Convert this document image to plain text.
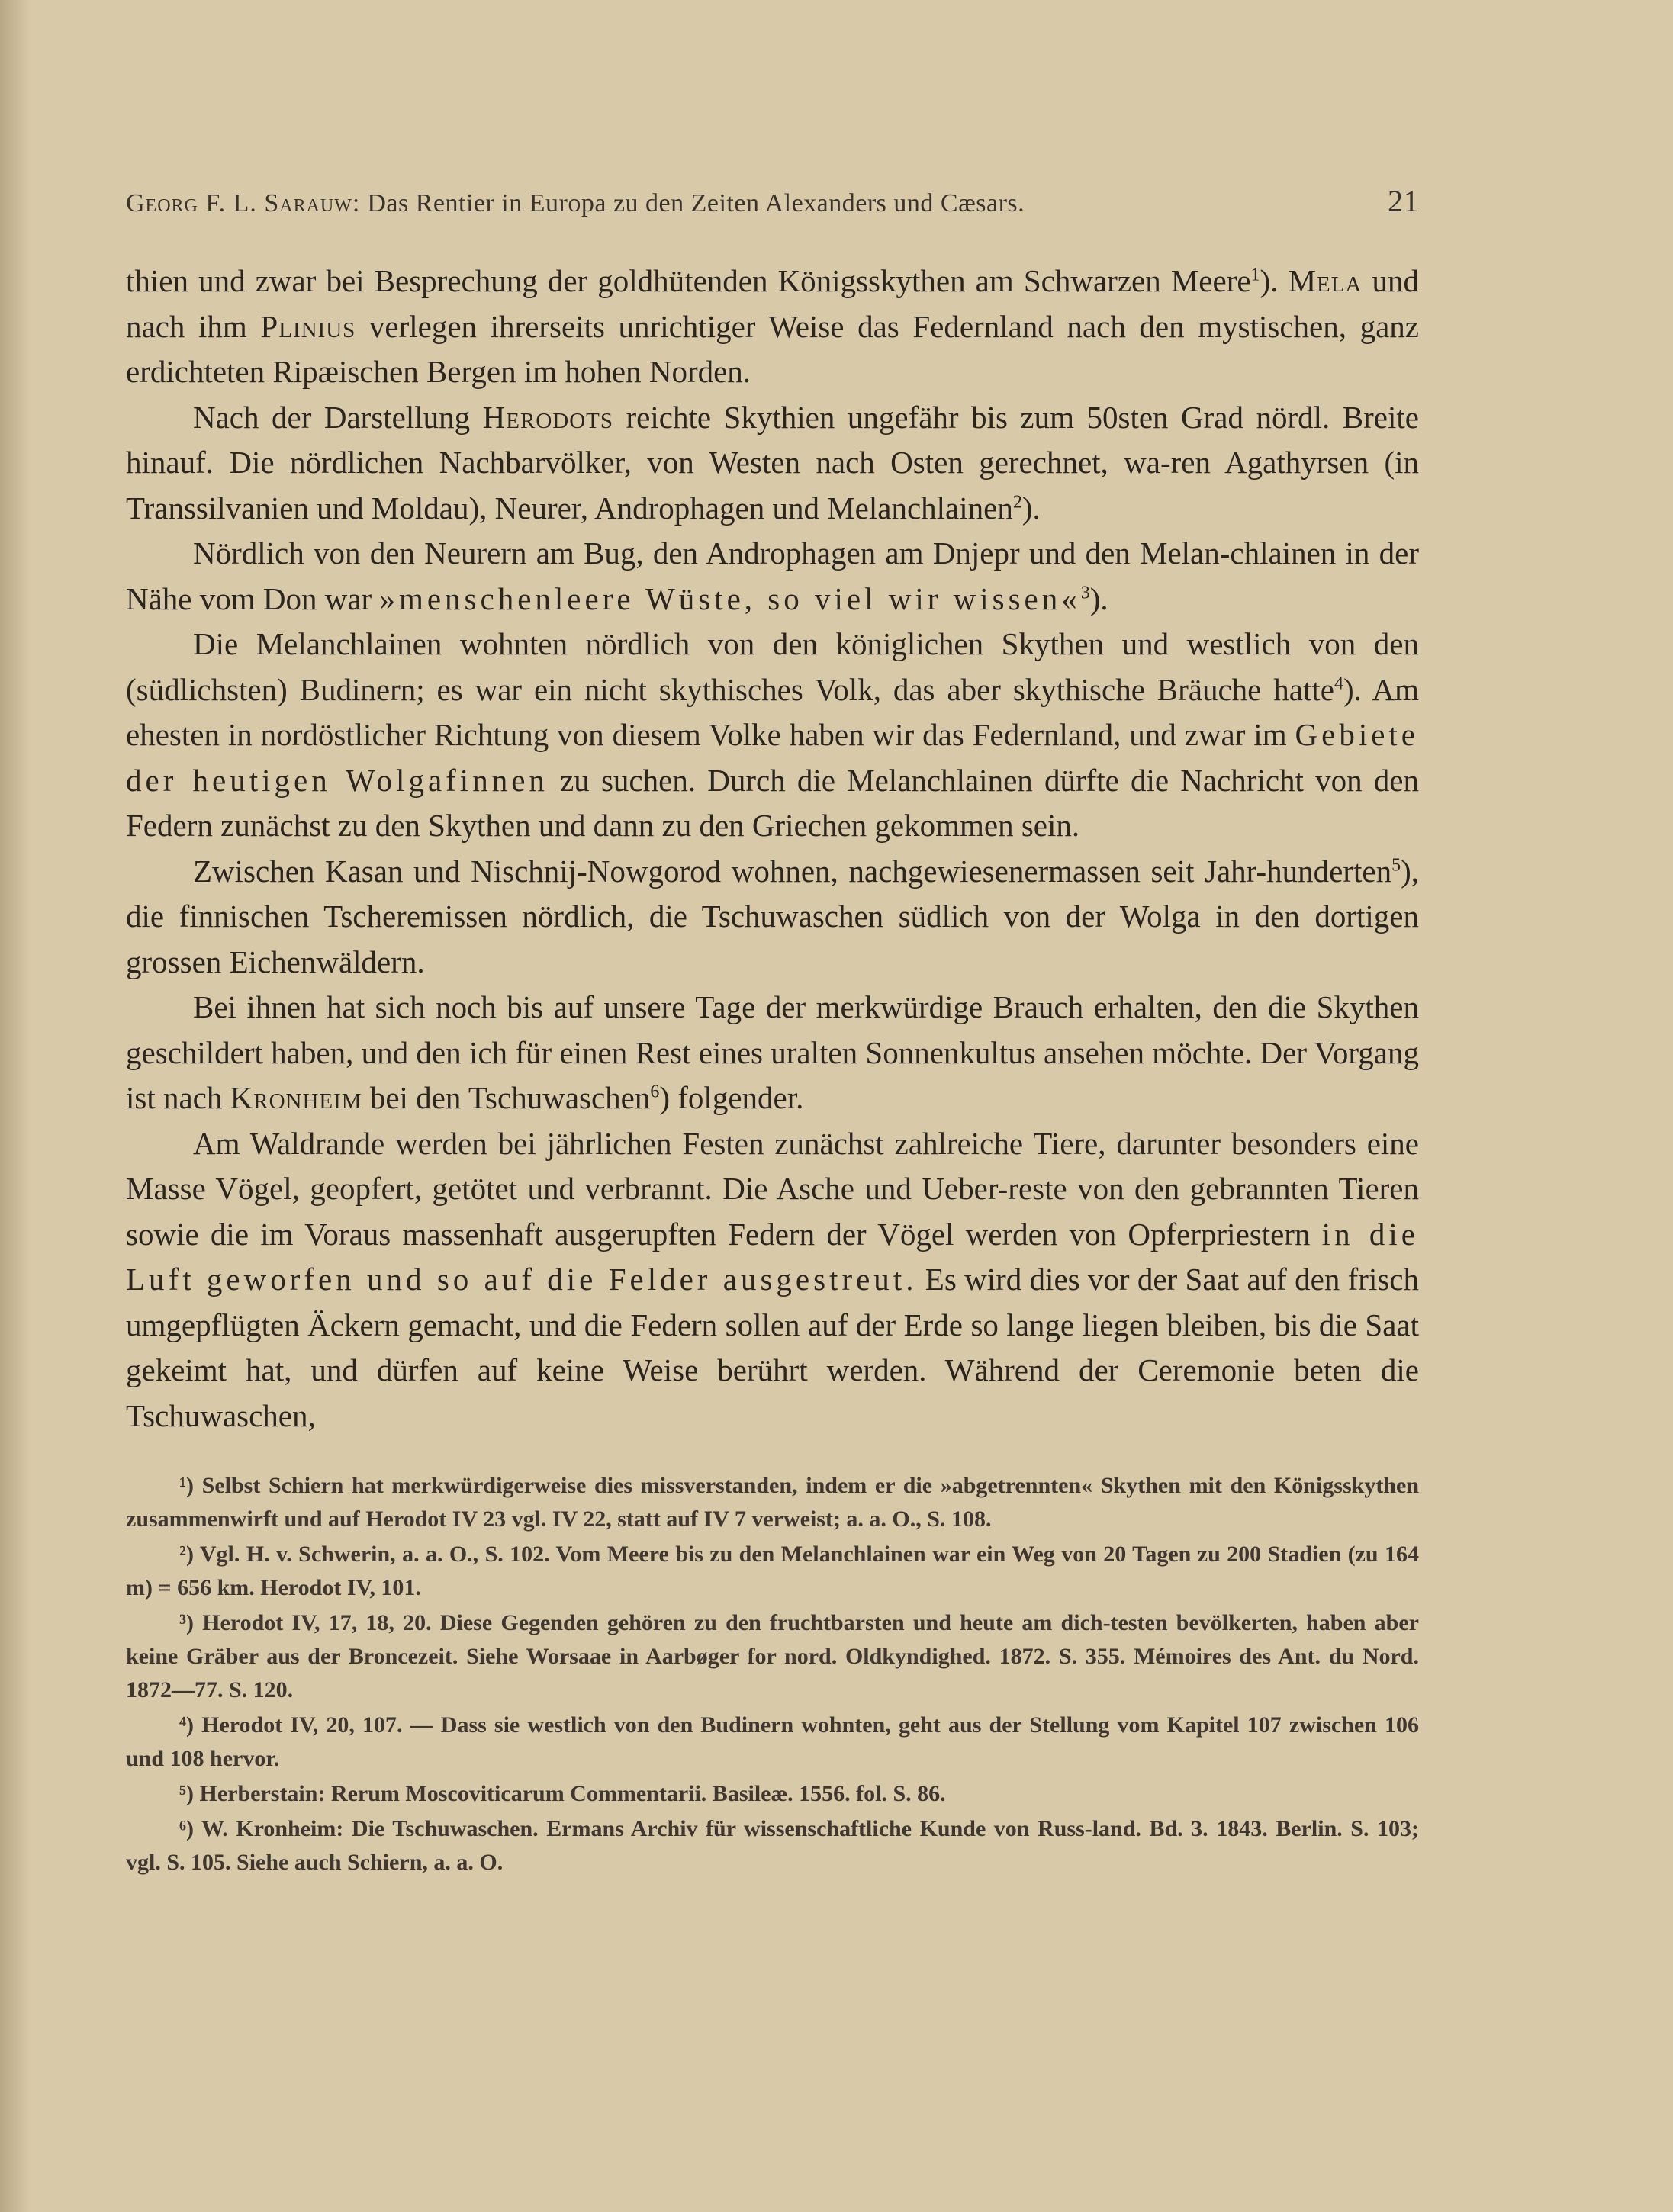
Georg F. L. Sarauw: Das Rentier in Europa zu den Zeiten Alexanders und Cæsars.	21

thien und zwar bei Besprechung der goldhütenden Königsskythen am Schwarzen Meere$^1$). Mela und nach ihm Plinius verlegen ihrerseits unrichtiger Weise das Federnland nach den mystischen, ganz erdichteten Ripæischen Bergen im hohen Norden.

Nach der Darstellung Herodots reichte Skythien ungefähr bis zum 50sten Grad nördl. Breite hinauf. Die nördlichen Nachbarvölker, von Westen nach Osten gerechnet, wa-ren Agathyrsen (in Transsilvanien und Moldau), Neurer, Androphagen und Melanchlainen$^2$).

Nördlich von den Neurern am Bug, den Androphagen am Dnjepr und den Melan-chlainen in der Nähe vom Don war »menschenleere Wüste, so viel wir wissen«$^3$).

Die Melanchlainen wohnten nördlich von den königlichen Skythen und westlich von den (südlichsten) Budinern; es war ein nicht skythisches Volk, das aber skythische Bräuche hatte$^4$). Am ehesten in nordöstlicher Richtung von diesem Volke haben wir das Federnland, und zwar im Gebiete der heutigen Wolgafinnen zu suchen. Durch die Melanchlainen dürfte die Nachricht von den Federn zunächst zu den Skythen und dann zu den Griechen gekommen sein.

Zwischen Kasan und Nischnij-Nowgorod wohnen, nachgewiesenermassen seit Jahr-hunderten$^5$), die finnischen Tscheremissen nördlich, die Tschuwaschen südlich von der Wolga in den dortigen grossen Eichenwäldern.

Bei ihnen hat sich noch bis auf unsere Tage der merkwürdige Brauch erhalten, den die Skythen geschildert haben, und den ich für einen Rest eines uralten Sonnenkultus ansehen möchte. Der Vorgang ist nach Kronheim bei den Tschuwaschen$^6$) folgender.

Am Waldrande werden bei jährlichen Festen zunächst zahlreiche Tiere, darunter besonders eine Masse Vögel, geopfert, getötet und verbrannt. Die Asche und Ueber-reste von den gebrannten Tieren sowie die im Voraus massenhaft ausgerupften Federn der Vögel werden von Opferpriestern in die Luft geworfen und so auf die Felder ausgestreut. Es wird dies vor der Saat auf den frisch umgepflügten Äckern gemacht, und die Federn sollen auf der Erde so lange liegen bleiben, bis die Saat gekeimt hat, und dürfen auf keine Weise berührt werden. Während der Ceremonie beten die Tschuwaschen,

¹) Selbst Schiern hat merkwürdigerweise dies missverstanden, indem er die »abgetrennten« Skythen mit den Königsskythen zusammenwirft und auf Herodot IV 23 vgl. IV 22, statt auf IV 7 verweist; a. a. O., S. 108.

²) Vgl. H. v. Schwerin, a. a. O., S. 102. Vom Meere bis zu den Melanchlainen war ein Weg von 20 Tagen zu 200 Stadien (zu 164 m) = 656 km. Herodot IV, 101.

³) Herodot IV, 17, 18, 20. Diese Gegenden gehören zu den fruchtbarsten und heute am dich-testen bevölkerten, haben aber keine Gräber aus der Broncezeit. Siehe Worsaae in Aarbøger for nord. Oldkyndighed. 1872. S. 355. Mémoires des Ant. du Nord. 1872—77. S. 120.

⁴) Herodot IV, 20, 107. — Dass sie westlich von den Budinern wohnten, geht aus der Stellung vom Kapitel 107 zwischen 106 und 108 hervor.

⁵) Herberstain: Rerum Moscoviticarum Commentarii. Basileæ. 1556. fol. S. 86.

⁶) W. Kronheim: Die Tschuwaschen. Ermans Archiv für wissenschaftliche Kunde von Russ-land. Bd. 3. 1843. Berlin. S. 103; vgl. S. 105. Siehe auch Schiern, a. a. O.
